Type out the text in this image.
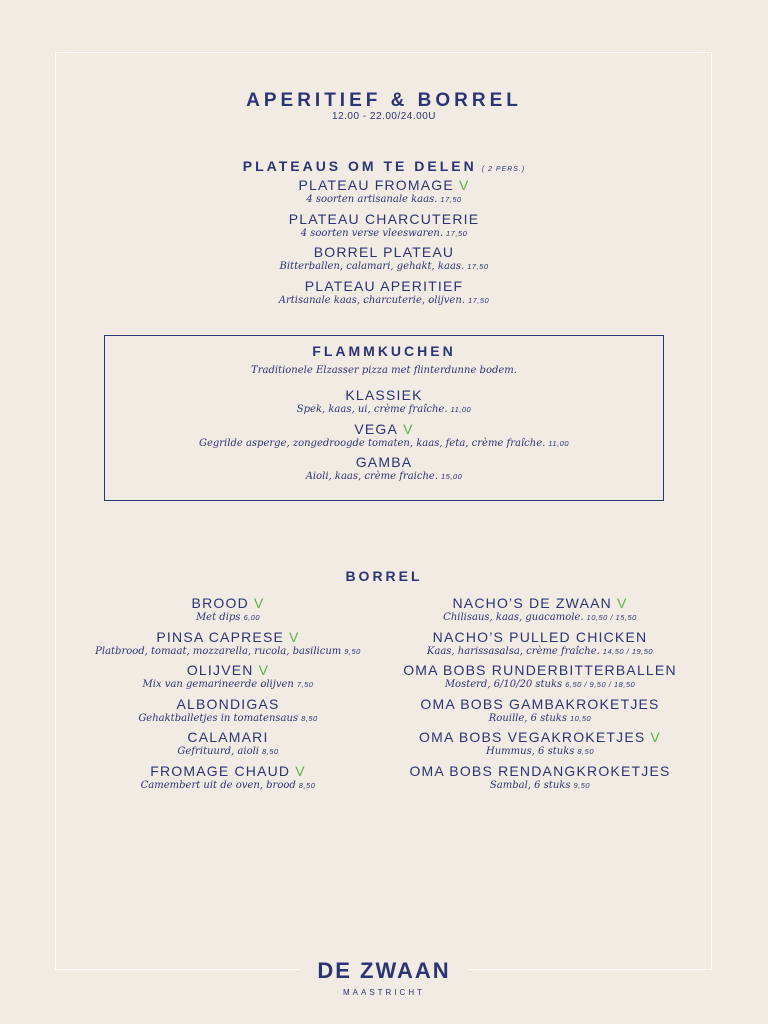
APERITIEF & BORREL
12.00 - 22.00/24.00U
PLATEAUS OM TE DELEN ( 2 PERS.)
PLATEAU FROMAGE V
4 soorten artisanale kaas. 17,50
PLATEAU CHARCUTERIE
4 soorten verse vleeswaren. 17,50
BORREL PLATEAU
Bitterballen, calamari, gehakt, kaas. 17,50
PLATEAU APERITIEF
Artisanale kaas, charcuterie, olijven. 17,50
FLAMMKUCHEN
Traditionele Elzasser pizza met flinterdunne bodem.
KLASSIEK
Spek, kaas, ui, crème fraîche. 11,00
VEGA V
Gegrilde asperge, zongedroogde tomaten, kaas, feta, crème fraîche. 11,00
GAMBA
Aioli, kaas, crème fraiche. 15,00
BORREL
BROOD V
Met dips 6,00
PINSA CAPRESE V
Platbrood, tomaat, mozzarella, rucola, basilicum 9,50
OLIJVEN V
Mix van gemarineerde olijven 7,50
ALBONDIGAS
Gehaktballetjes in tomatensaus 8,50
CALAMARI
Gefrituurd, aioli 8,50
FROMAGE CHAUD V
Camembert uit de oven, brood 8,50
NACHO’S DE ZWAAN V
Chilisaus, kaas, guacamole. 10,50 / 15,50
NACHO’S PULLED CHICKEN
Kaas, harissasalsa, crème fraîche. 14,50 / 19,50
OMA BOBS RUNDERBITTERBALLEN
Mosterd, 6/10/20 stuks 6,50 / 9,50 / 18,50
OMA BOBS GAMBAKROKETJES
Rouille, 6 stuks 10,50
OMA BOBS VEGAKROKETJES V
Hummus, 6 stuks 8,50
OMA BOBS RENDANGKROKETJES
Sambal, 6 stuks 9,50
DE ZWAAN
MAASTRICHT
